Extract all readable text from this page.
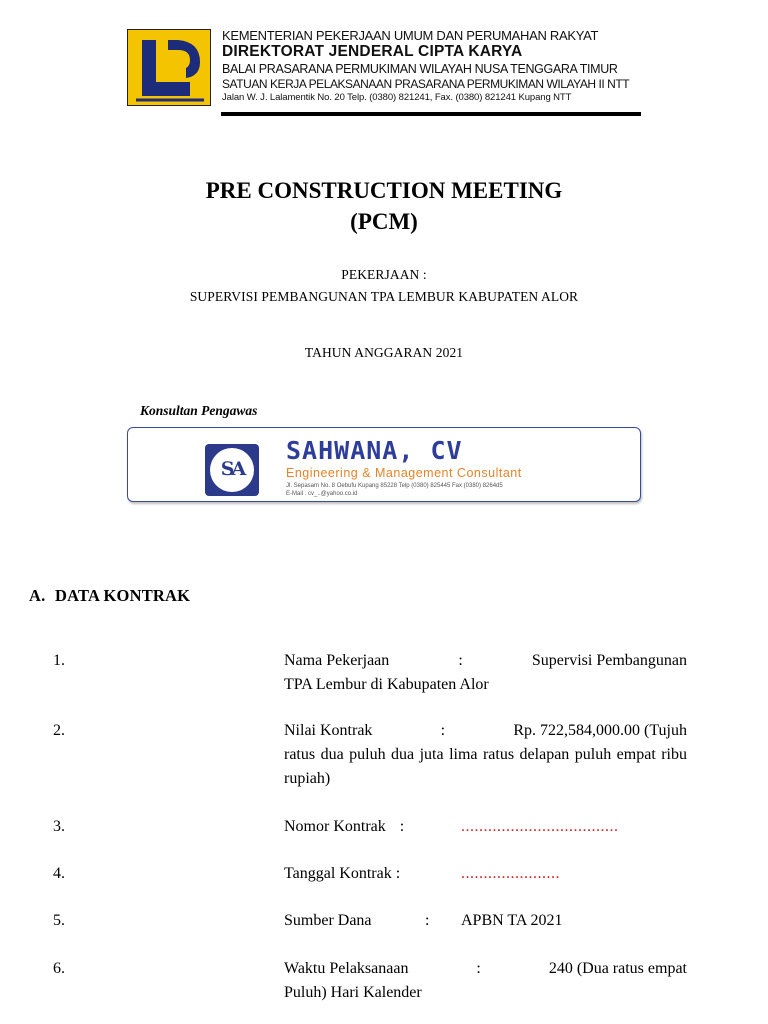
KEMENTERIAN PEKERJAAN UMUM DAN PERUMAHAN RAKYAT
DIREKTORAT JENDERAL CIPTA KARYA
BALAI PRASARANA PERMUKIMAN WILAYAH NUSA TENGGARA TIMUR
SATUAN KERJA PELAKSANAAN PRASARANA PERMUKIMAN WILAYAH II NTT
Jalan W. J. Lalamentik No. 20 Telp. (0380) 821241, Fax. (0380) 821241 Kupang NTT
PRE CONSTRUCTION MEETING
(PCM)
PEKERJAAN :
SUPERVISI PEMBANGUNAN TPA LEMBUR KABUPATEN ALOR
TAHUN ANGGARAN 2021
Konsultan Pengawas
SA
SAHWANA, CV
Engineering & Management Consultant
Jl. Sepasam No. 8 Oebufu Kupang 85228 Telp (0380) 825445 Fax (0380) 8264d5
E-Mail : cv_..@yahoo.co.id
A. DATA KONTRAK
1.	Nama Pekerjaan	:	Supervisi Pembangunan
TPA Lembur di Kabupaten Alor
2.	Nilai Kontrak	:	Rp. 722,584,000.00 (Tujuh
ratus dua puluh dua juta lima ratus delapan puluh empat ribu rupiah)
3.	Nomor Kontrak :	...................................
4.	Tanggal Kontrak :	......................
5.	Sumber Dana	: APBN TA 2021
6.	Waktu Pelaksanaan	:	240 (Dua ratus empat
Puluh) Hari Kalender
